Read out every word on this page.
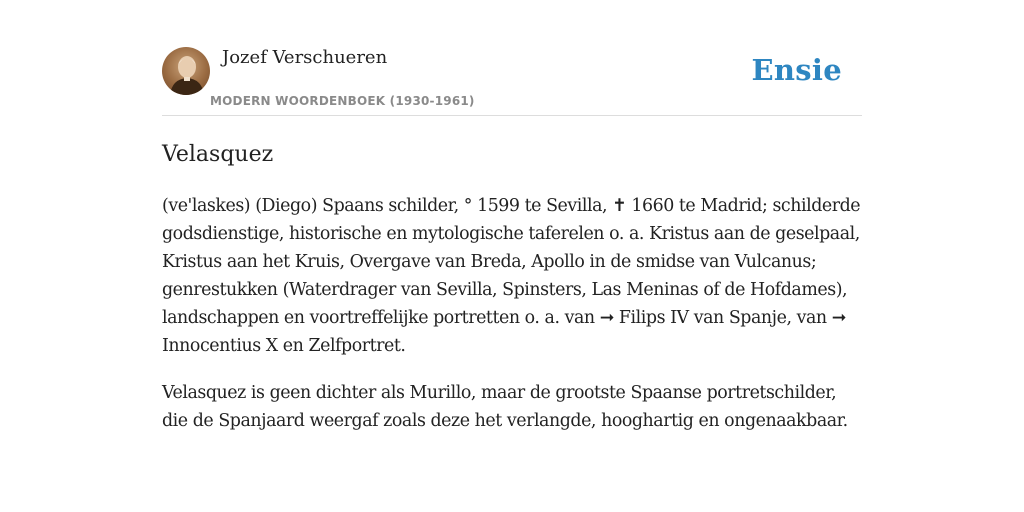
Jozef Verschueren
MODERN WOORDENBOEK (1930-1961)
Ensie
Velasquez

(ve'laskes) (Diego) Spaans schilder, ° 1599 te Sevilla, ✝ 1660 te Madrid; schilderde godsdienstige, historische en mytologische taferelen o. a. Kristus aan de geselpaal, Kristus aan het Kruis, Overgave van Breda, Apollo in de smidse van Vulcanus; genrestukken (Waterdrager van Sevilla, Spinsters, Las Meninas of de Hofdames), landschappen en voortreffelijke portretten o. a. van ➞ Filips IV van Spanje, van ➞ Innocentius X en Zelfportret.

Velasquez is geen dichter als Murillo, maar de grootste Spaanse portretschilder, die de Spanjaard weergaf zoals deze het verlangde, hooghartig en ongenaakbaar.
